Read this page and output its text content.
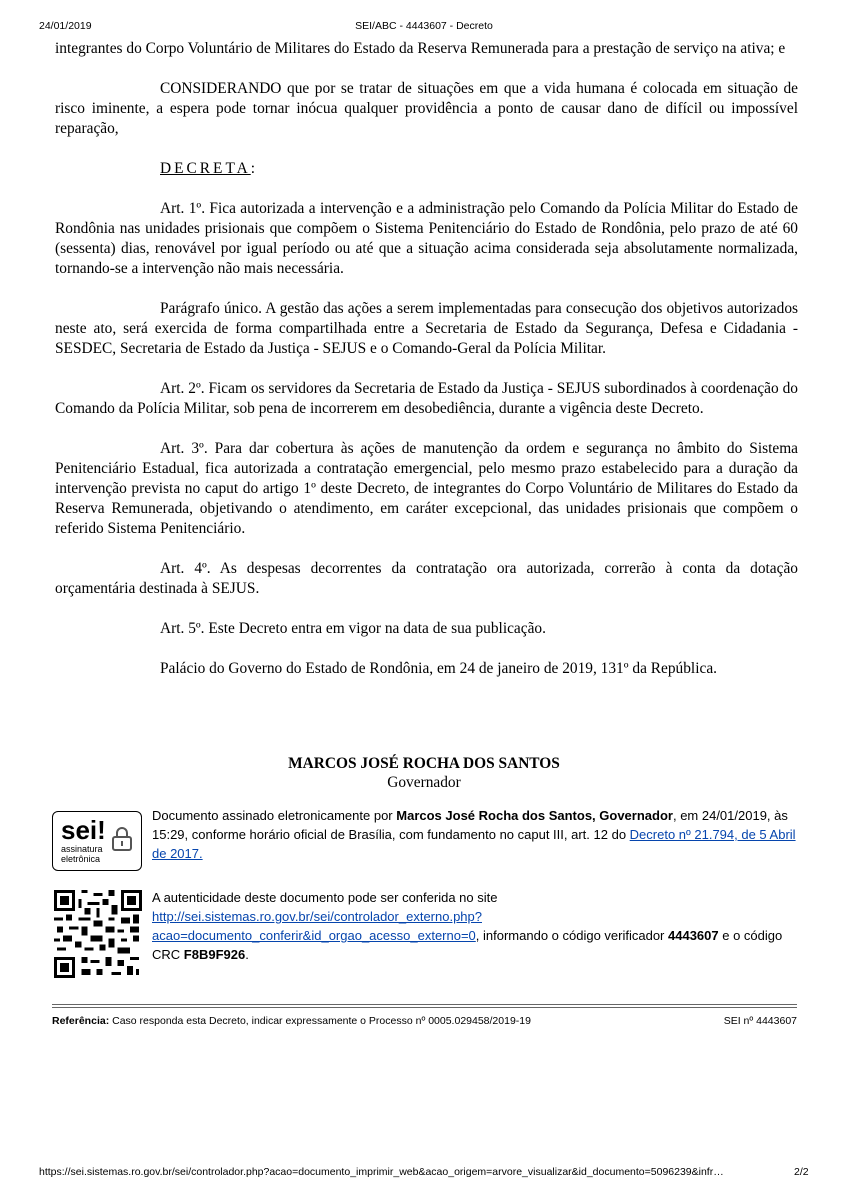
24/01/2019	SEI/ABC - 4443607 - Decreto

integrantes do Corpo Voluntário de Militares do Estado da Reserva Remunerada para a prestação de serviço na ativa; e

CONSIDERANDO que por se tratar de situações em que a vida humana é colocada em situação de risco iminente, a espera pode tornar inócua qualquer providência a ponto de causar dano de difícil ou impossível reparação,

DECRETA:

Art. 1º. Fica autorizada a intervenção e a administração pelo Comando da Polícia Militar do Estado de Rondônia nas unidades prisionais que compõem o Sistema Penitenciário do Estado de Rondônia, pelo prazo de até 60 (sessenta) dias, renovável por igual período ou até que a situação acima considerada seja absolutamente normalizada, tornando-se a intervenção não mais necessária.

Parágrafo único. A gestão das ações a serem implementadas para consecução dos objetivos autorizados neste ato, será exercida de forma compartilhada entre a Secretaria de Estado da Segurança, Defesa e Cidadania - SESDEC, Secretaria de Estado da Justiça - SEJUS e o Comando-Geral da Polícia Militar.

Art. 2º. Ficam os servidores da Secretaria de Estado da Justiça - SEJUS subordinados à coordenação do Comando da Polícia Militar, sob pena de incorrerem em desobediência, durante a vigência deste Decreto.

Art. 3º. Para dar cobertura às ações de manutenção da ordem e segurança no âmbito do Sistema Penitenciário Estadual, fica autorizada a contratação emergencial, pelo mesmo prazo estabelecido para a duração da intervenção prevista no caput do artigo 1º deste Decreto, de integrantes do Corpo Voluntário de Militares do Estado da Reserva Remunerada, objetivando o atendimento, em caráter excepcional, das unidades prisionais que compõem o referido Sistema Penitenciário.

Art. 4º. As despesas decorrentes da contratação ora autorizada, correrão à conta da dotação orçamentária destinada à SEJUS.

Art. 5º. Este Decreto entra em vigor na data de sua publicação.

Palácio do Governo do Estado de Rondônia, em 24 de janeiro de 2019, 131º da República.

MARCOS JOSÉ ROCHA DOS SANTOS
Governador
sei!
assinatura
eletrônica
Documento assinado eletronicamente por Marcos José Rocha dos Santos, Governador, em 24/01/2019, às 15:29, conforme horário oficial de Brasília, com fundamento no caput III, art. 12 do Decreto nº 21.794, de 5 Abril de 2017.
A autenticidade deste documento pode ser conferida no site http://sei.sistemas.ro.gov.br/sei/controlador_externo.php?
acao=documento_conferir&id_orgao_acesso_externo=0, informando o código verificador 4443607 e o código CRC F8B9F926.
Referência: Caso responda esta Decreto, indicar expressamente o Processo nº 0005.029458/2019-19	SEI nº 4443607
https://sei.sistemas.ro.gov.br/sei/controlador.php?acao=documento_imprimir_web&acao_origem=arvore_visualizar&id_documento=5096239&infr…	2/2
